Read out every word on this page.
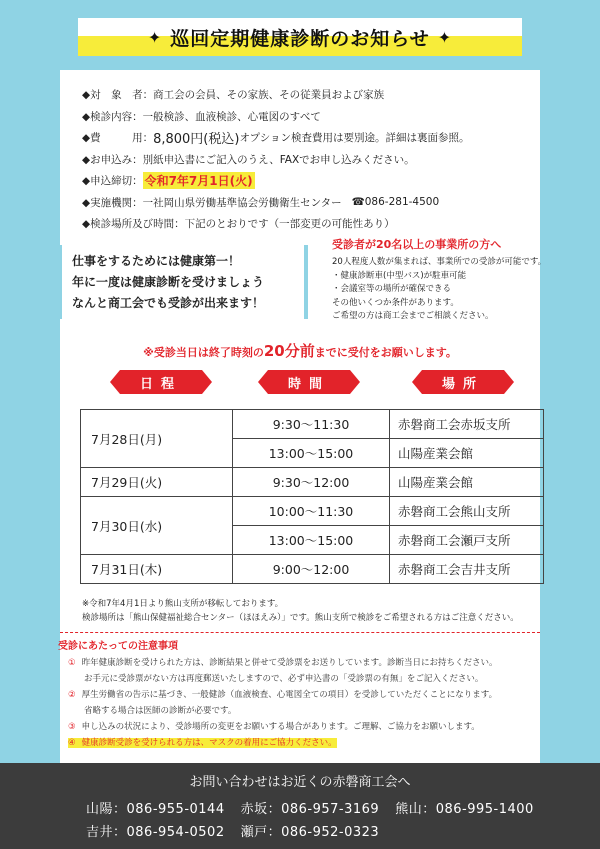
✦ 巡回定期健康診断のお知らせ ✦
◆対　象　者： 商工会の会員、その家族、その従業員および家族
◆検診内容： 一般検診、血液検診、心電図のすべて
◆費　　　用： 8,800円(税込) オプション検査費用は要別途。詳細は裏面参照。
◆お申込み： 別紙申込書にご記入のうえ、FAXでお申し込みください。
◆申込締切： 令和7年7月1日(火)
◆実施機関： 一社岡山県労働基準協会労働衛生センター ☎086-281-4500
◆検診場所及び時間： 下記のとおりです（一部変更の可能性あり）
仕事をするためには健康第一！
年に一度は健康診断を受けましょう
なんと商工会でも受診が出来ます！
受診者が20名以上の事業所の方へ
20人程度人数が集まれば、事業所での受診が可能です。
・健康診断車(中型バス)が駐車可能
・会議室等の場所が確保できる
その他いくつか条件があります。
ご希望の方は商工会までご相談ください。
※受診当日は終了時刻の20分前までに受付をお願いします。
日程	時間	場所
7月28日(月)	9:30〜11:30	赤磐商工会赤坂支所
	13:00〜15:00	山陽産業会館
7月29日(火)	9:30〜12:00	山陽産業会館
7月30日(水)	10:00〜11:30	赤磐商工会熊山支所
	13:00〜15:00	赤磐商工会瀬戸支所
7月31日(木)	9:00〜12:00	赤磐商工会吉井支所
※令和7年4月1日より熊山支所が移転しております。
検診場所は「熊山保健福祉総合センター（ほほえみ）」です。熊山支所で検診をご希望される方はご注意ください。
受診にあたっての注意事項
① 昨年健康診断を受けられた方は、診断結果と併せて受診票をお送りしています。診断当日にお持ちください。
お手元に受診票がない方は再度郵送いたしますので、必ず申込書の「受診票の有無」をご記入ください。
② 厚生労働省の告示に基づき、一般健診（血液検査、心電図全ての項目）を受診していただくことになります。
省略する場合は医師の診断が必要です。
③ 申し込みの状況により、受診場所の変更をお願いする場合があります。ご理解、ご協力をお願いします。
④ 健康診断受診を受けられる方は、マスクの着用にご協力ください。
お問い合わせはお近くの赤磐商工会へ
山陽：086-955-0144 赤坂：086-957-3169 熊山：086-995-1400
吉井：086-954-0502 瀬戸：086-952-0323
